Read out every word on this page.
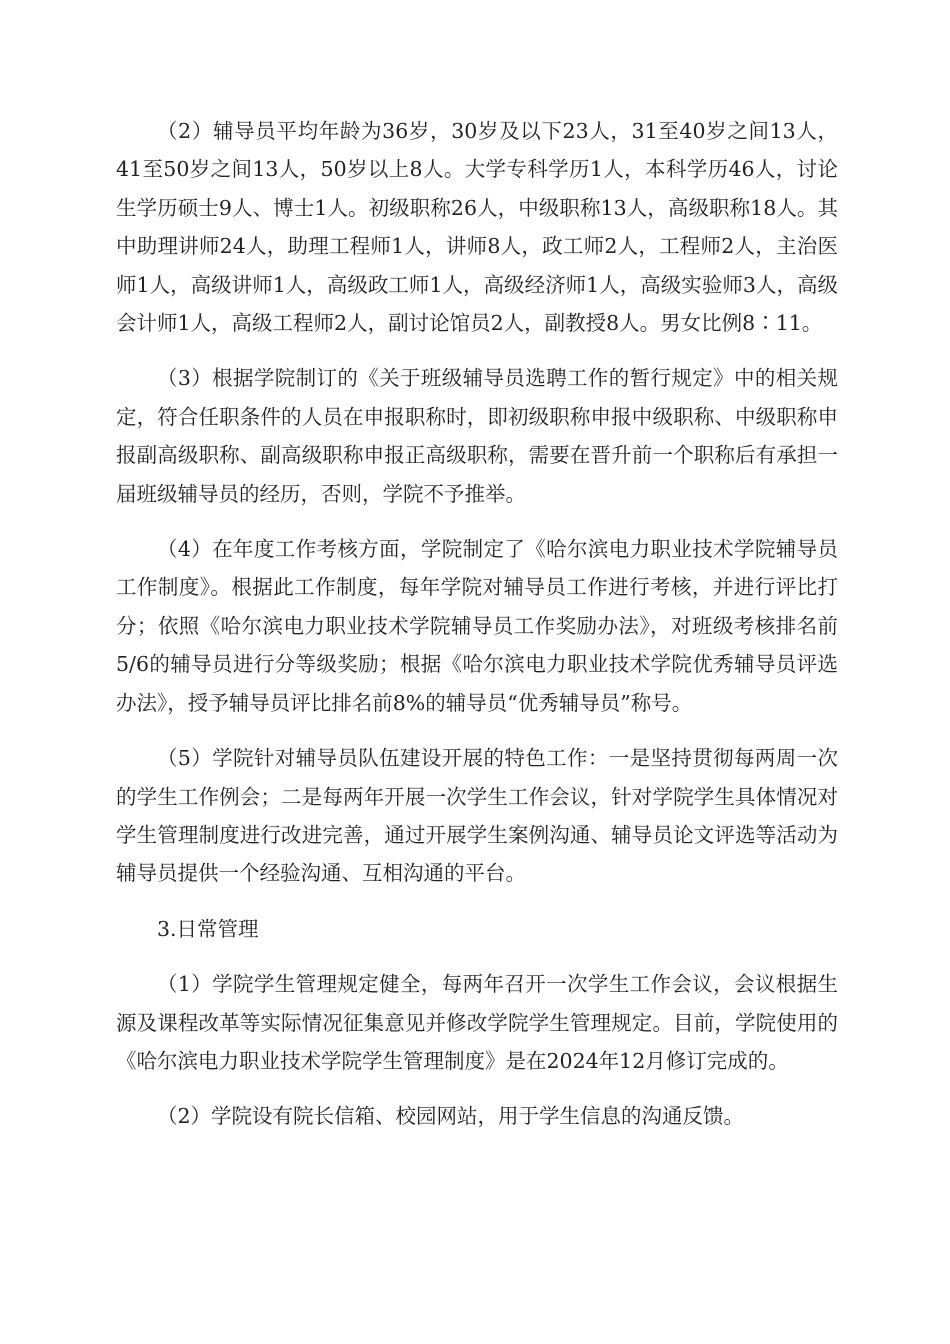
（2）辅导员平均年龄为36岁，30岁及以下23人，31至40岁之间13人，41至50岁之间13人，50岁以上8人。大学专科学历1人，本科学历46人，讨论生学历硕士9人、博士1人。初级职称26人，中级职称13人，高级职称18人。其中助理讲师24人，助理工程师1人，讲师8人，政工师2人，工程师2人，主治医师1人，高级讲师1人，高级政工师1人，高级经济师1人，高级实验师3人，高级会计师1人，高级工程师2人，副讨论馆员2人，副教授8人。男女比例8∶11。

（3）根据学院制订的《关于班级辅导员选聘工作的暂行规定》中的相关规定，符合任职条件的人员在申报职称时，即初级职称申报中级职称、中级职称申报副高级职称、副高级职称申报正高级职称，需要在晋升前一个职称后有承担一届班级辅导员的经历，否则，学院不予推举。

（4）在年度工作考核方面，学院制定了《哈尔滨电力职业技术学院辅导员工作制度》。根据此工作制度，每年学院对辅导员工作进行考核，并进行评比打分；依照《哈尔滨电力职业技术学院辅导员工作奖励办法》，对班级考核排名前5/6的辅导员进行分等级奖励；根据《哈尔滨电力职业技术学院优秀辅导员评选办法》，授予辅导员评比排名前8%的辅导员“优秀辅导员”称号。

（5）学院针对辅导员队伍建设开展的特色工作：一是坚持贯彻每两周一次的学生工作例会；二是每两年开展一次学生工作会议，针对学院学生具体情况对学生管理制度进行改进完善，通过开展学生案例沟通、辅导员论文评选等活动为辅导员提供一个经验沟通、互相沟通的平台。

3.日常管理

（1）学院学生管理规定健全，每两年召开一次学生工作会议，会议根据生源及课程改革等实际情况征集意见并修改学院学生管理规定。目前，学院使用的《哈尔滨电力职业技术学院学生管理制度》是在2024年12月修订完成的。

（2）学院设有院长信箱、校园网站，用于学生信息的沟通反馈。
